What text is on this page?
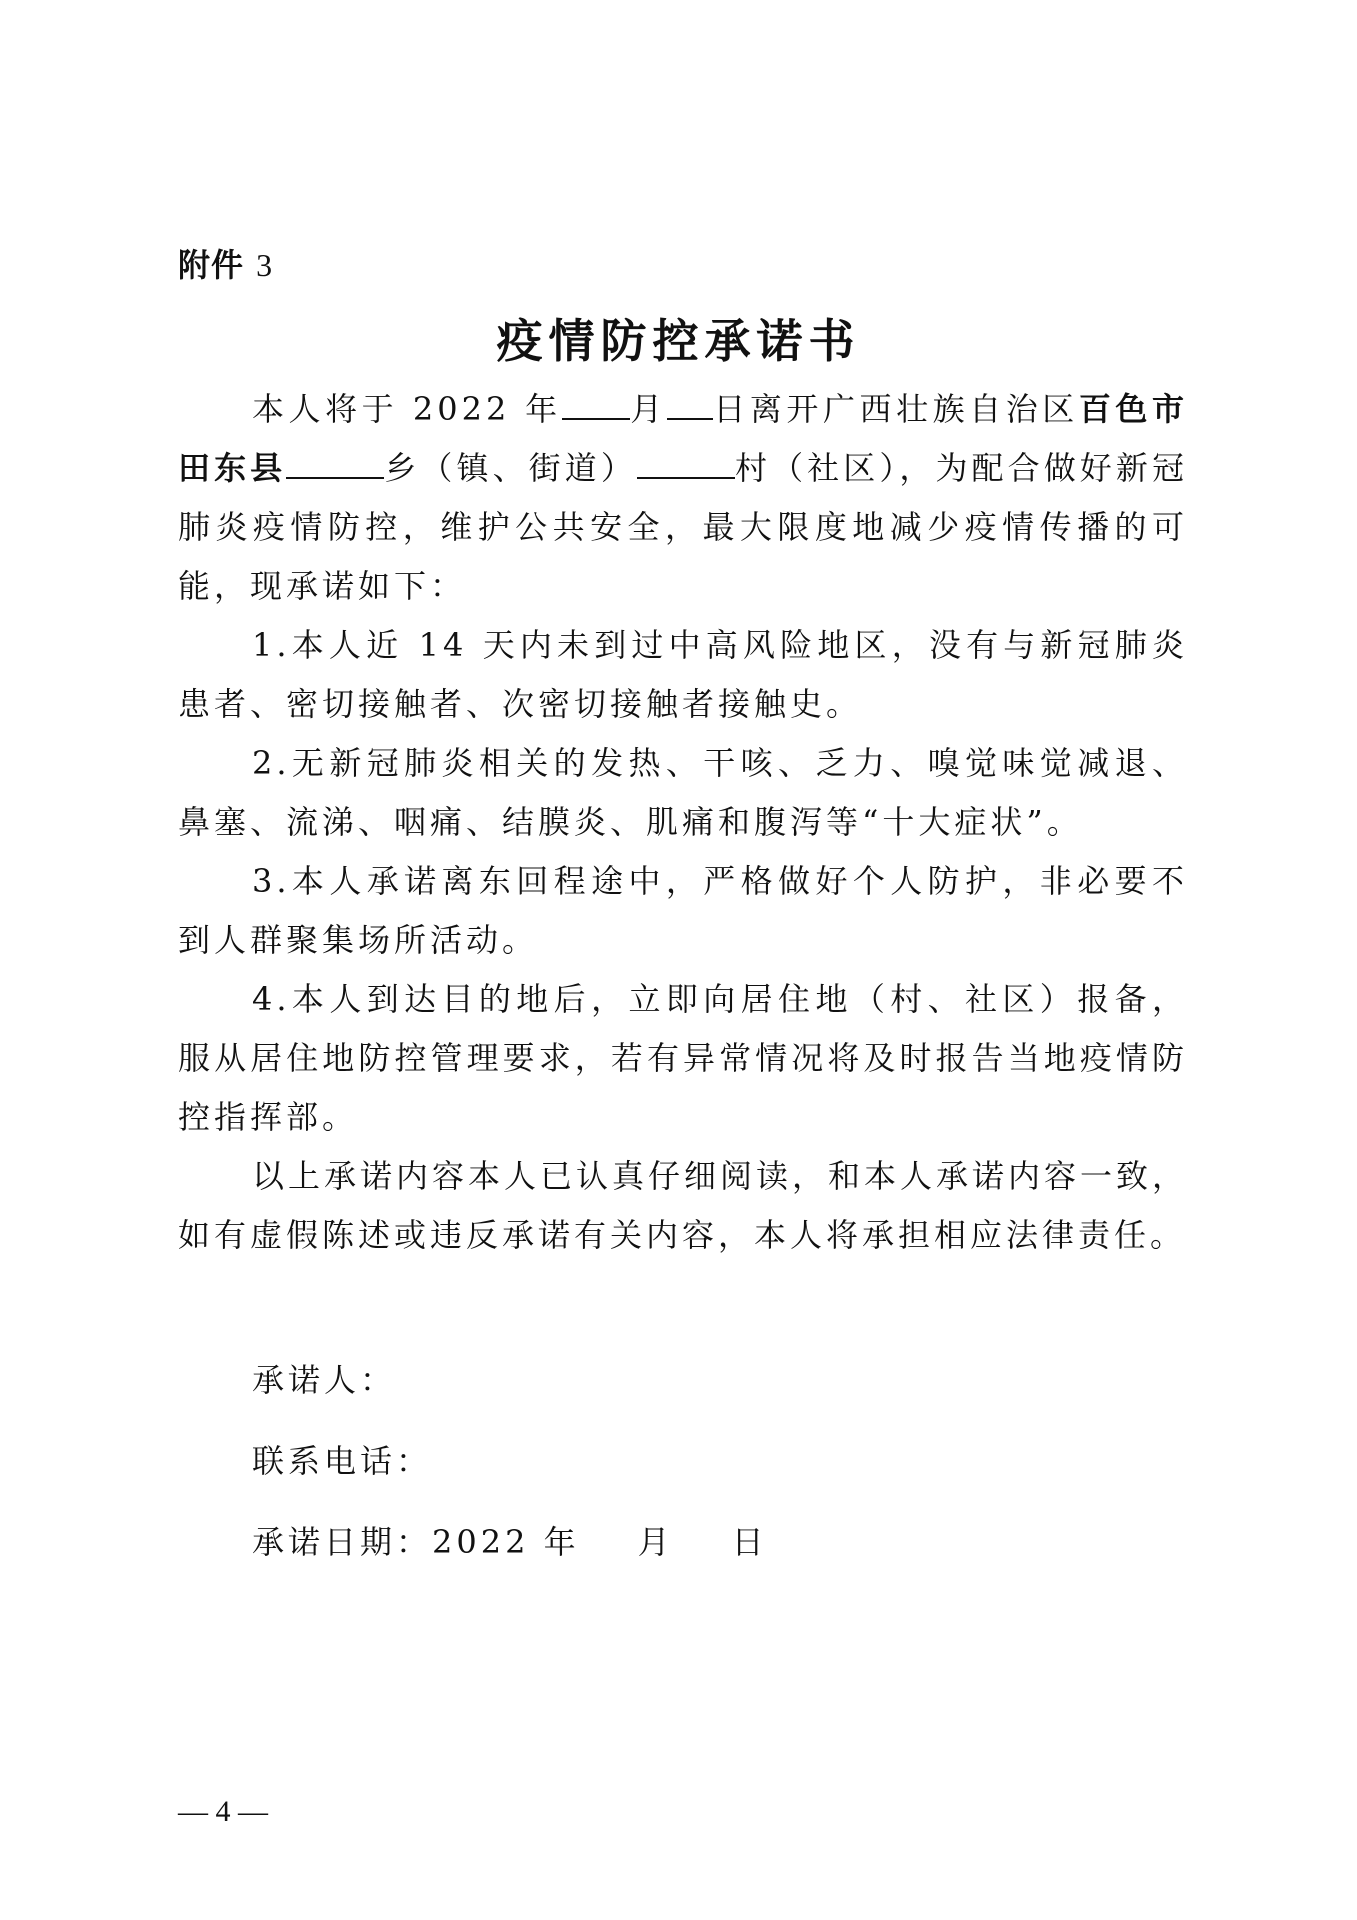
附件 3
疫情防控承诺书

本人将于 2022 年 月 日离开广西壮族自治区百色市田东县	乡（镇、街道）	村（社区），为配合做好新冠肺炎疫情防控，维护公共安全，最大限度地减少疫情传播的可能，现承诺如下：

1.本人近 14 天内未到过中高风险地区，没有与新冠肺炎患者、密切接触者、次密切接触者接触史。

2.无新冠肺炎相关的发热、干咳、乏力、嗅觉味觉减退、鼻塞、流涕、咽痛、结膜炎、肌痛和腹泻等“十大症状”。

3.本人承诺离东回程途中，严格做好个人防护，非必要不到人群聚集场所活动。

4.本人到达目的地后，立即向居住地（村、社区）报备，服从居住地防控管理要求，若有异常情况将及时报告当地疫情防控指挥部。

以上承诺内容本人已认真仔细阅读，和本人承诺内容一致，如有虚假陈述或违反承诺有关内容，本人将承担相应法律责任。

承诺人：
联系电话：
承诺日期：2022 年 月 日
— 4 —
